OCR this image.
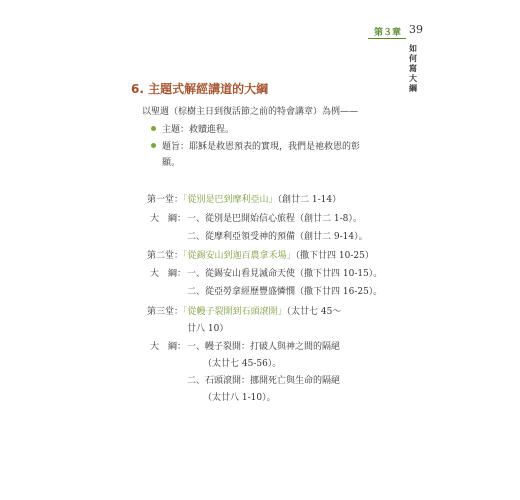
第３章 39
如
何
寫
大
綱
6. 主題式解經講道的大綱
以聖週（棕樹主日到復活節之前的特會講章）為例——
主題：救贖進程。
題旨：耶穌是救恩預表的實現，我們是祂救恩的彰
顯。
第一堂：「從別是巴到摩利亞山」（創廿二 1-14）
大　綱： 一、從別是巴開始信心旅程（創廿二 1-8）。
二、從摩利亞領受神的預備（創廿二 9-14）。
第二堂：「從錫安山到迦百農拿禾場」（撒下廿四 10-25）
大　綱： 一、從錫安山看見滅命天使（撒下廿四 10-15）。
二、從亞勞拿經歷豐盛憐憫（撒下廿四 16-25）。
第三堂：「從幔子裂開到石頭滾開」（太廿七 45～
廿八 10）
大　綱： 一、幔子裂開：打破人與神之間的隔絕
（太廿七 45-56）。
二、石頭滾開：挪開死亡與生命的隔絕
（太廿八 1-10）。
